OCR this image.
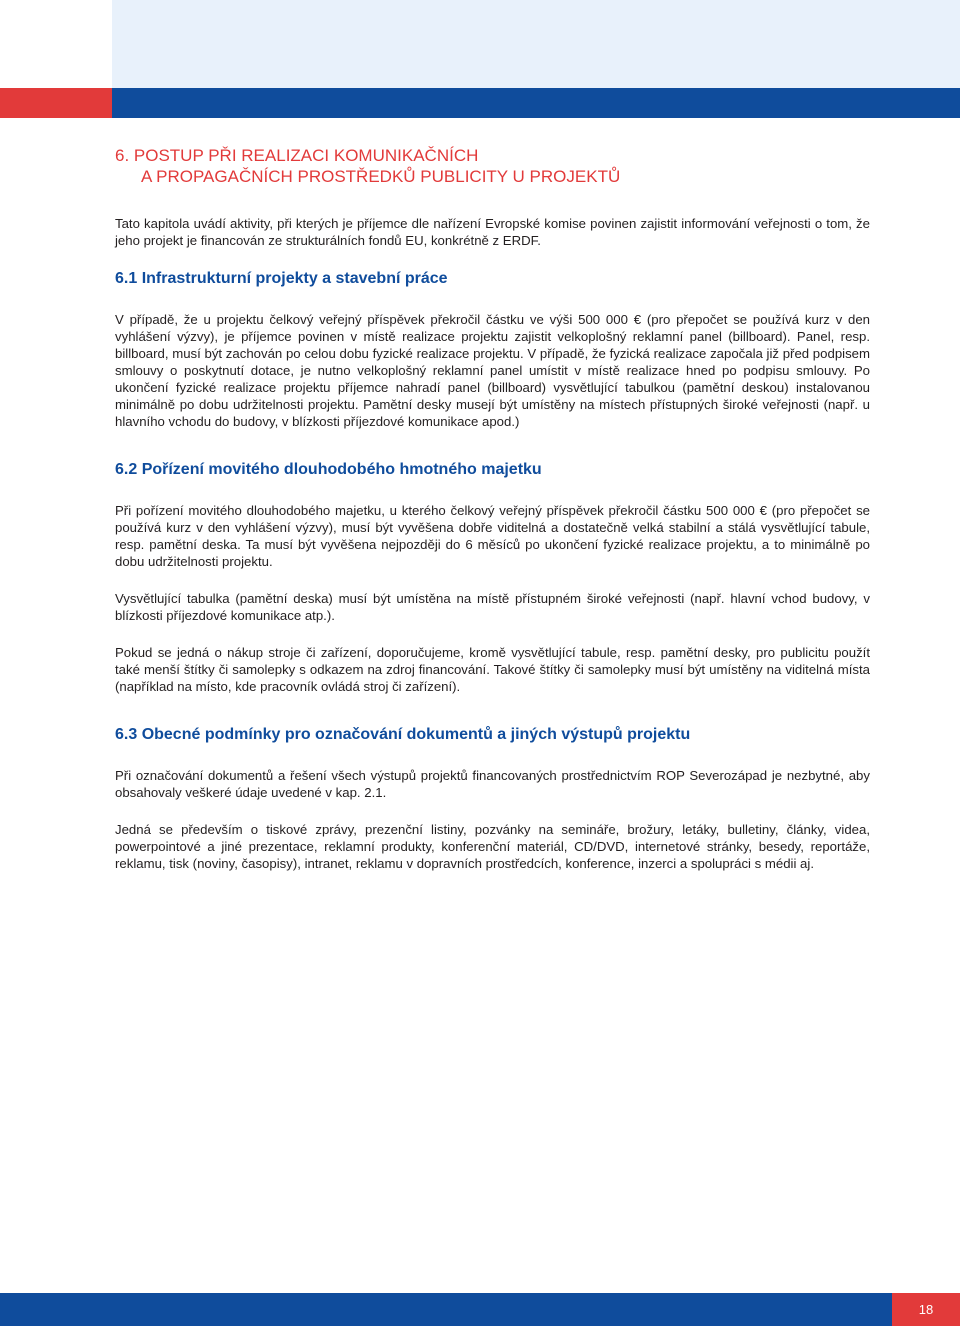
6. POSTUP PŘI REALIZACI KOMUNIKAČNÍCH
A PROPAGAČNÍCH PROSTŘEDKŮ PUBLICITY U PROJEKTŮ

Tato kapitola uvádí aktivity, při kterých je příjemce dle nařízení Evropské komise povinen zajistit informování veřejnosti o tom, že jeho projekt je financován ze strukturálních fondů EU, konkrétně z ERDF.

6.1 Infrastrukturní projekty a stavební práce

V případě, že u projektu čelkový veřejný příspěvek překročil částku ve výši 500 000 € (pro přepočet se používá kurz v den vyhlášení výzvy), je příjemce povinen v místě realizace projektu zajistit velkoplošný reklamní panel (billboard). Panel, resp. billboard, musí být zachován po celou dobu fyzické realizace projektu. V případě, že fyzická realizace započala již před podpisem smlouvy o poskytnutí dotace, je nutno velkoplošný reklamní panel umístit v místě realizace hned po podpisu smlouvy. Po ukončení fyzické realizace projektu příjemce nahradí panel (billboard) vysvětlující tabulkou (pamětní deskou) instalovanou minimálně po dobu udržitelnosti projektu. Pamětní desky musejí být umístěny na místech přístupných široké veřejnosti (např. u hlavního vchodu do budovy, v blízkosti příjezdové komunikace apod.)

6.2 Pořízení movitého dlouhodobého hmotného majetku

Při pořízení movitého dlouhodobého majetku, u kterého čelkový veřejný příspěvek překročil částku 500 000 € (pro přepočet se používá kurz v den vyhlášení výzvy), musí být vyvěšena dobře viditelná a dostatečně velká stabilní a stálá vysvětlující tabule, resp. pamětní deska. Ta musí být vyvěšena nejpozději do 6 měsíců po ukončení fyzické realizace projektu, a to minimálně po dobu udržitelnosti projektu.

Vysvětlující tabulka (pamětní deska) musí být umístěna na místě přístupném široké veřejnosti (např. hlavní vchod budovy, v blízkosti příjezdové komunikace atp.).

Pokud se jedná o nákup stroje či zařízení, doporučujeme, kromě vysvětlující tabule, resp. pamětní desky, pro publicitu použít také menší štítky či samolepky s odkazem na zdroj financování. Takové štítky či samolepky musí být umístěny na viditelná místa (například na místo, kde pracovník ovládá stroj či zařízení).

6.3 Obecné podmínky pro označování dokumentů a jiných výstupů projektu

Při označování dokumentů a řešení všech výstupů projektů financovaných prostřednictvím ROP Severozápad je nezbytné, aby obsahovaly veškeré údaje uvedené v kap. 2.1.

Jedná se především o tiskové zprávy, prezenční listiny, pozvánky na semináře, brožury, letáky, bulletiny, články, videa, powerpointové a jiné prezentace, reklamní produkty, konferenční materiál, CD/DVD, internetové stránky, besedy, reportáže, reklamu, tisk (noviny, časopisy), intranet, reklamu v dopravních prostředcích, konference, inzerci a spolupráci s médii aj.

18
